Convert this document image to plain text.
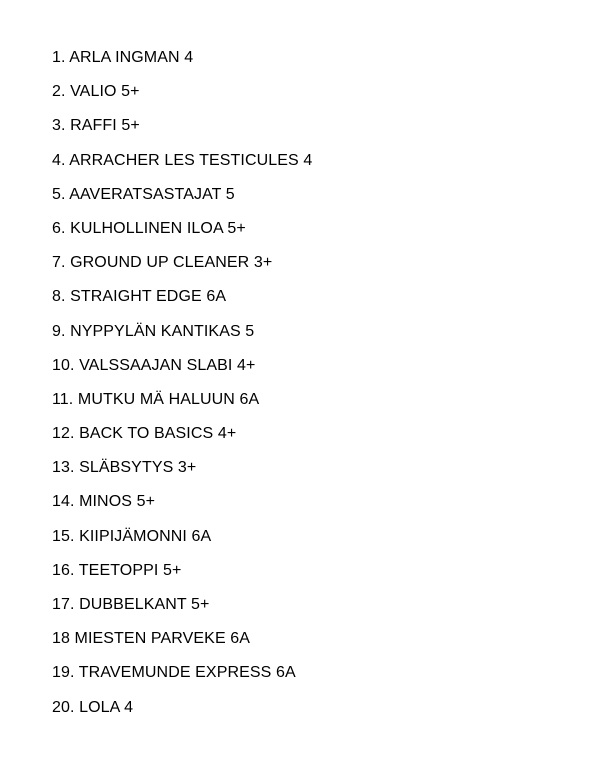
1. ARLA INGMAN 4
2. VALIO 5+
3. RAFFI 5+
4. ARRACHER LES TESTICULES 4
5. AAVERATSASTAJAT 5
6. KULHOLLINEN ILOA 5+
7. GROUND UP CLEANER 3+
8. STRAIGHT EDGE 6A
9. NYPPYLÄN KANTIKAS 5
10. VALSSAAJAN SLABI 4+
11. MUTKU MÄ HALUUN 6A
12. BACK TO BASICS 4+
13. SLÄBSYTYS 3+
14. MINOS 5+
15. KIIPIJÄMONNI 6A
16. TEETOPPI 5+
17. DUBBELKANT 5+
18 MIESTEN PARVEKE 6A
19. TRAVEMUNDE EXPRESS 6A
20. LOLA 4
